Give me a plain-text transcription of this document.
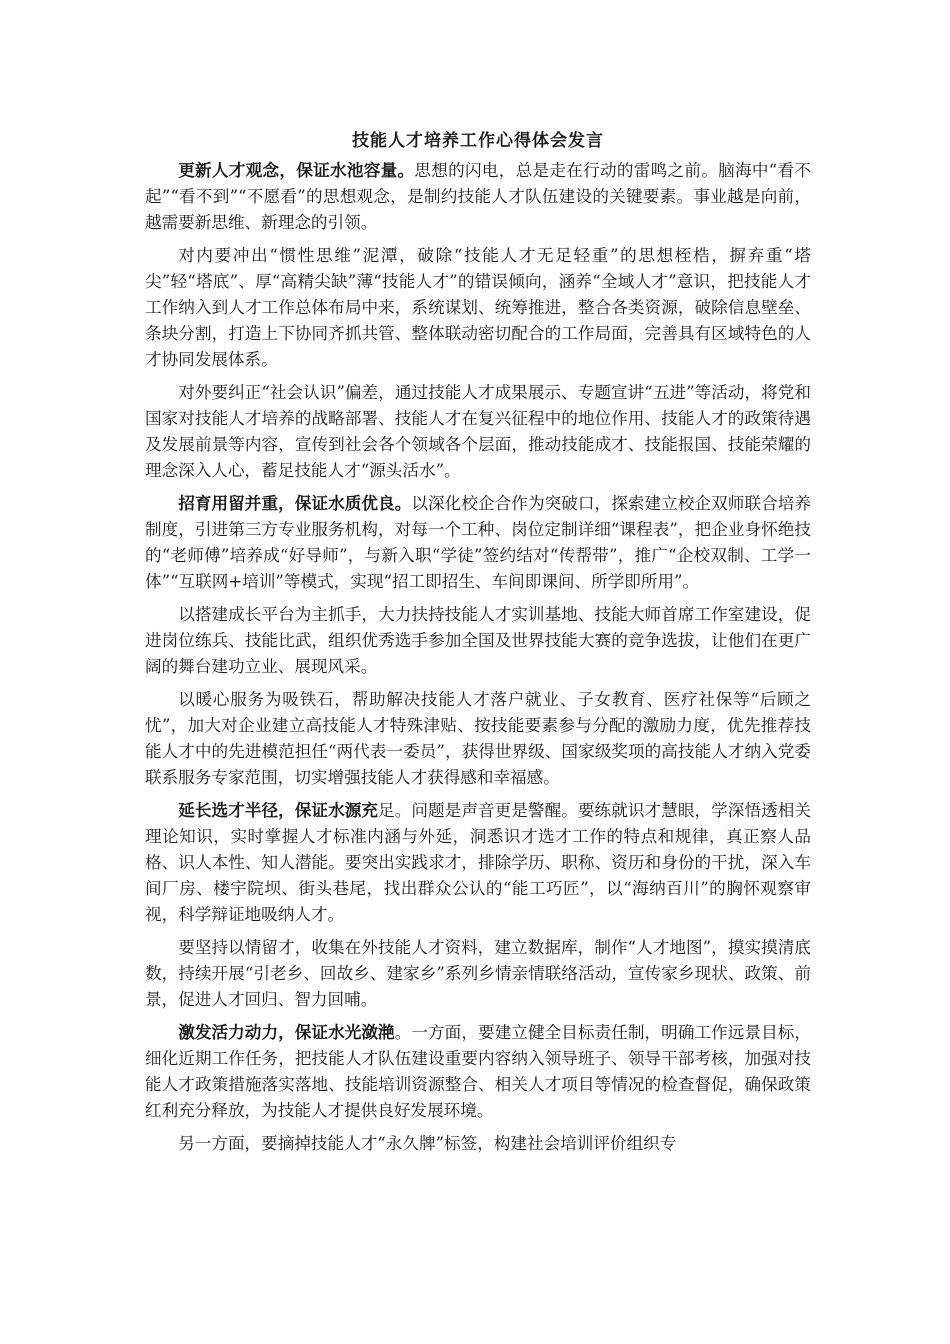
技能人才培养工作心得体会发言

更新人才观念，保证水池容量。思想的闪电，总是走在行动的雷鸣之前。脑海中“看不起”“看不到”“不愿看”的思想观念，是制约技能人才队伍建设的关键要素。事业越是向前，越需要新思维、新理念的引领。

对内要冲出“惯性思维”泥潭，破除“技能人才无足轻重”的思想桎梏，摒弃重“塔尖”轻“塔底”、厚“高精尖缺”薄“技能人才”的错误倾向，涵养“全域人才”意识，把技能人才工作纳入到人才工作总体布局中来，系统谋划、统筹推进，整合各类资源，破除信息壁垒、条块分割，打造上下协同齐抓共管、整体联动密切配合的工作局面，完善具有区域特色的人才协同发展体系。

对外要纠正“社会认识”偏差，通过技能人才成果展示、专题宣讲“五进”等活动，将党和国家对技能人才培养的战略部署、技能人才在复兴征程中的地位作用、技能人才的政策待遇及发展前景等内容，宣传到社会各个领域各个层面，推动技能成才、技能报国、技能荣耀的理念深入人心，蓄足技能人才“源头活水”。

招育用留并重，保证水质优良。以深化校企合作为突破口，探索建立校企双师联合培养制度，引进第三方专业服务机构，对每一个工种、岗位定制详细“课程表”，把企业身怀绝技的“老师傅”培养成“好导师”，与新入职“学徒”签约结对“传帮带”，推广“企校双制、工学一体”“互联网+培训”等模式，实现“招工即招生、车间即课间、所学即所用”。

以搭建成长平台为主抓手，大力扶持技能人才实训基地、技能大师首席工作室建设，促进岗位练兵、技能比武，组织优秀选手参加全国及世界技能大赛的竞争选拔，让他们在更广阔的舞台建功立业、展现风采。

以暖心服务为吸铁石，帮助解决技能人才落户就业、子女教育、医疗社保等“后顾之忧”，加大对企业建立高技能人才特殊津贴、按技能要素参与分配的激励力度，优先推荐技能人才中的先进模范担任“两代表一委员”，获得世界级、国家级奖项的高技能人才纳入党委联系服务专家范围，切实增强技能人才获得感和幸福感。

延长选才半径，保证水源充足。问题是声音更是警醒。要练就识才慧眼，学深悟透相关理论知识，实时掌握人才标准内涵与外延，洞悉识才选才工作的特点和规律，真正察人品格、识人本性、知人潜能。要突出实践求才，排除学历、职称、资历和身份的干扰，深入车间厂房、楼宇院坝、街头巷尾，找出群众公认的“能工巧匠”，以“海纳百川”的胸怀观察审视，科学辩证地吸纳人才。

要坚持以情留才，收集在外技能人才资料，建立数据库，制作“人才地图”，摸实摸清底数，持续开展“引老乡、回故乡、建家乡”系列乡情亲情联络活动，宣传家乡现状、政策、前景，促进人才回归、智力回哺。

激发活力动力，保证水光潋滟。一方面，要建立健全目标责任制，明确工作远景目标，细化近期工作任务，把技能人才队伍建设重要内容纳入领导班子、领导干部考核，加强对技能人才政策措施落实落地、技能培训资源整合、相关人才项目等情况的检查督促，确保政策红利充分释放，为技能人才提供良好发展环境。

另一方面，要摘掉技能人才“永久牌”标签，构建社会培训评价组织专
